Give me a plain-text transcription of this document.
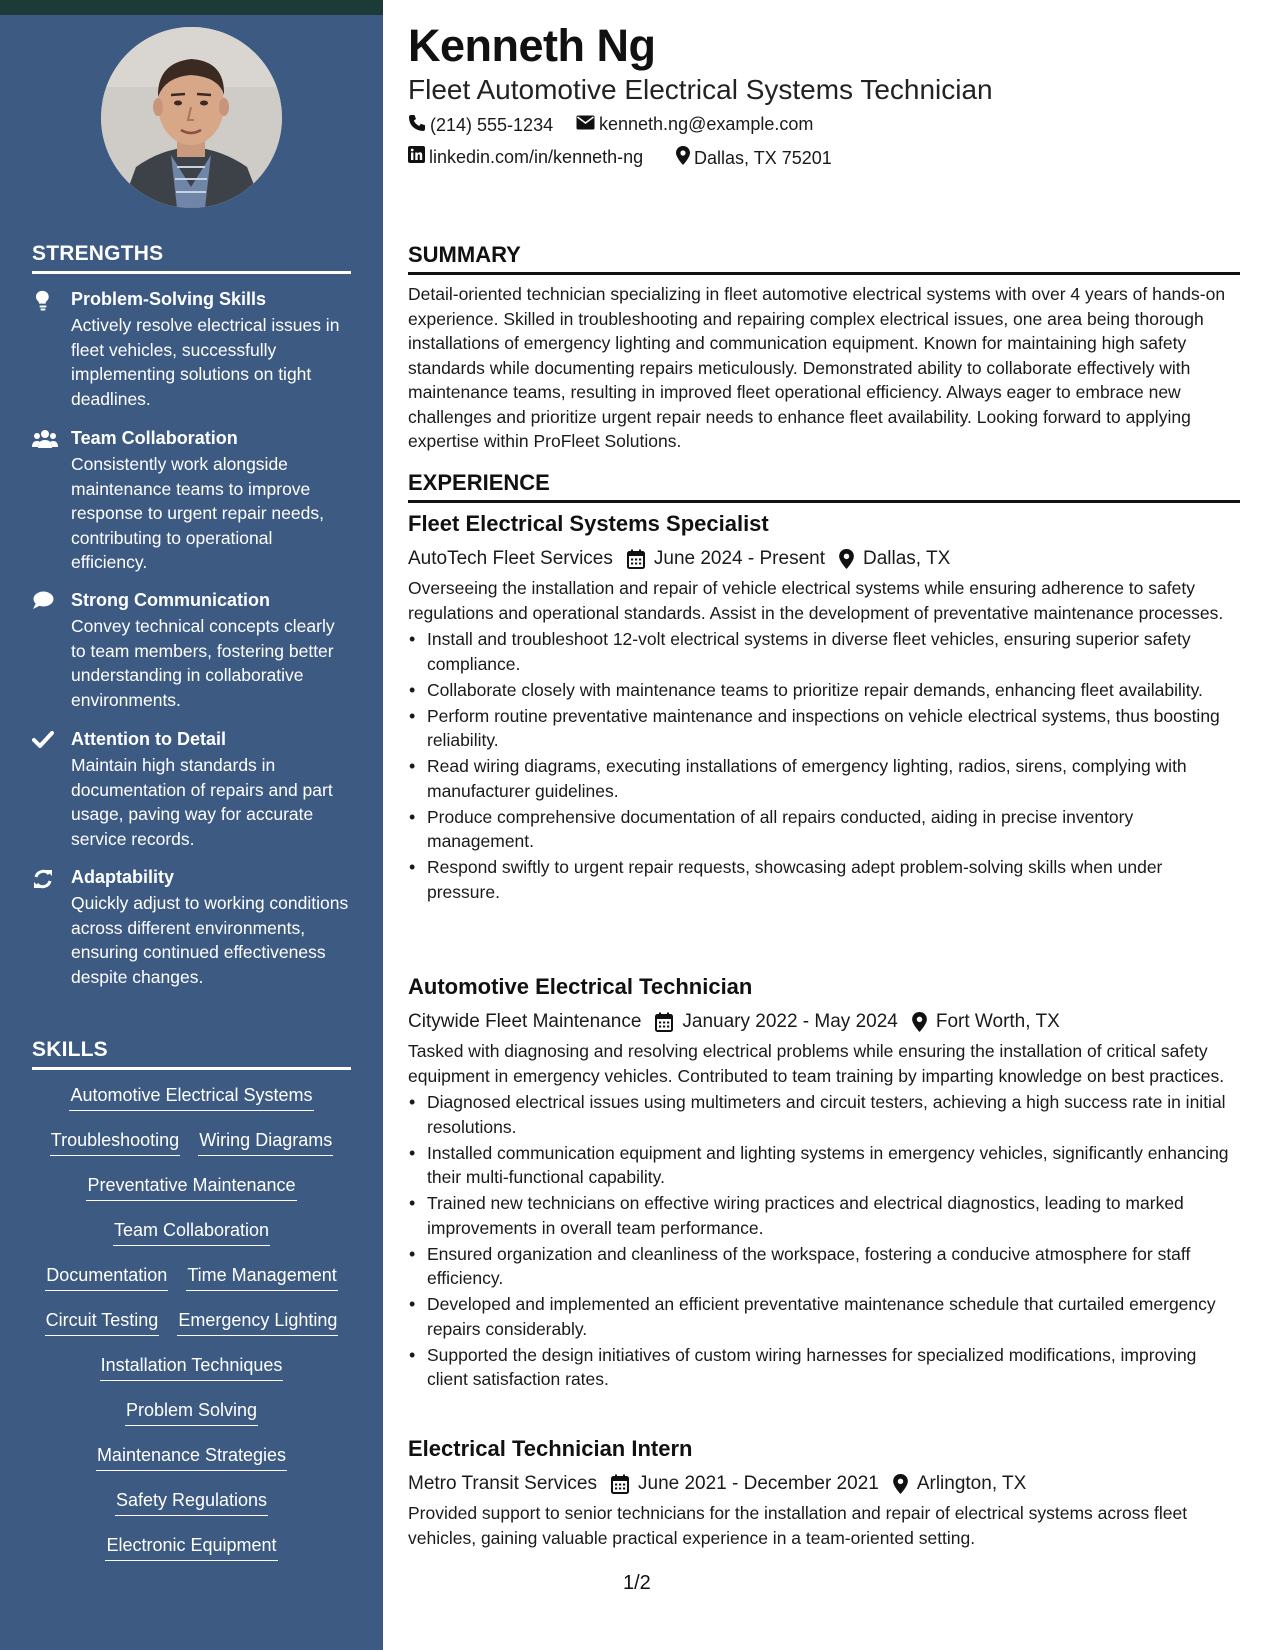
STRENGTHS
Problem-Solving Skills
Actively resolve electrical issues in fleet vehicles, successfully implementing solutions on tight deadlines.
Team Collaboration
Consistently work alongside maintenance teams to improve response to urgent repair needs, contributing to operational efficiency.
Strong Communication
Convey technical concepts clearly to team members, fostering better understanding in collaborative environments.
Attention to Detail
Maintain high standards in documentation of repairs and part usage, paving way for accurate service records.
Adaptability
Quickly adjust to working conditions across different environments, ensuring continued effectiveness despite changes.
SKILLS
Automotive Electrical Systems
Troubleshooting Wiring Diagrams
Preventative Maintenance
Team Collaboration
Documentation Time Management
Circuit Testing Emergency Lighting
Installation Techniques
Problem Solving
Maintenance Strategies
Safety Regulations
Electronic Equipment
Kenneth Ng
Fleet Automotive Electrical Systems Technician
(214) 555-1234	kenneth.ng@example.com
linkedin.com/in/kenneth-ng	Dallas, TX 75201
SUMMARY
Detail-oriented technician specializing in fleet automotive electrical systems with over 4 years of hands-on experience. Skilled in troubleshooting and repairing complex electrical issues, one area being thorough installations of emergency lighting and communication equipment. Known for maintaining high safety standards while documenting repairs meticulously. Demonstrated ability to collaborate effectively with maintenance teams, resulting in improved fleet operational efficiency. Always eager to embrace new challenges and prioritize urgent repair needs to enhance fleet availability. Looking forward to applying expertise within ProFleet Solutions.
EXPERIENCE
Fleet Electrical Systems Specialist
AutoTech Fleet Services June 2024 - Present Dallas, TX
Overseeing the installation and repair of vehicle electrical systems while ensuring adherence to safety regulations and operational standards. Assist in the development of preventative maintenance processes.
• Install and troubleshoot 12-volt electrical systems in diverse fleet vehicles, ensuring superior safety compliance.
• Collaborate closely with maintenance teams to prioritize repair demands, enhancing fleet availability.
• Perform routine preventative maintenance and inspections on vehicle electrical systems, thus boosting reliability.
• Read wiring diagrams, executing installations of emergency lighting, radios, sirens, complying with manufacturer guidelines.
• Produce comprehensive documentation of all repairs conducted, aiding in precise inventory management.
• Respond swiftly to urgent repair requests, showcasing adept problem-solving skills when under pressure.
Automotive Electrical Technician
Citywide Fleet Maintenance January 2022 - May 2024 Fort Worth, TX
Tasked with diagnosing and resolving electrical problems while ensuring the installation of critical safety equipment in emergency vehicles. Contributed to team training by imparting knowledge on best practices.
• Diagnosed electrical issues using multimeters and circuit testers, achieving a high success rate in initial resolutions.
• Installed communication equipment and lighting systems in emergency vehicles, significantly enhancing their multi-functional capability.
• Trained new technicians on effective wiring practices and electrical diagnostics, leading to marked improvements in overall team performance.
• Ensured organization and cleanliness of the workspace, fostering a conducive atmosphere for staff efficiency.
• Developed and implemented an efficient preventative maintenance schedule that curtailed emergency repairs considerably.
• Supported the design initiatives of custom wiring harnesses for specialized modifications, improving client satisfaction rates.
Electrical Technician Intern
Metro Transit Services June 2021 - December 2021 Arlington, TX
Provided support to senior technicians for the installation and repair of electrical systems across fleet vehicles, gaining valuable practical experience in a team-oriented setting.
1/2
